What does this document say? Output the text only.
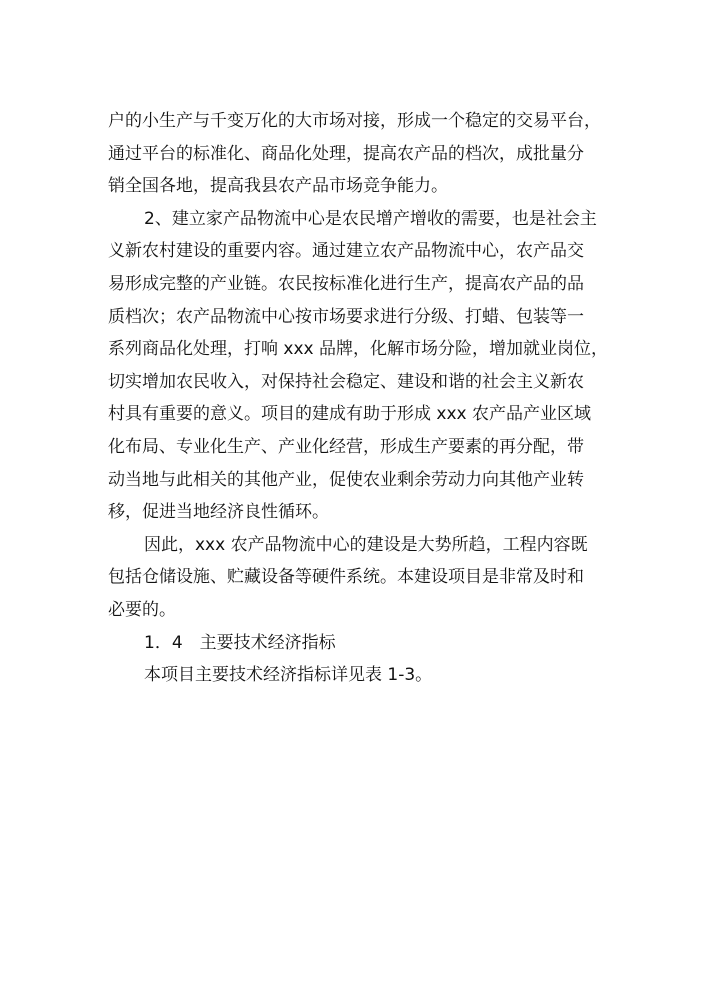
户的小生产与千变万化的大市场对接，形成一个稳定的交易平台，
通过平台的标准化、商品化处理，提高农产品的档次，成批量分
销全国各地，提高我县农产品市场竞争能力。
2、建立家产品物流中心是农民增产增收的需要，也是社会主
义新农村建设的重要内容。通过建立农产品物流中心，农产品交
易形成完整的产业链。农民按标准化进行生产，提高农产品的品
质档次；农产品物流中心按市场要求进行分级、打蜡、包装等一
系列商品化处理，打响 xxx 品牌，化解市场分险，增加就业岗位，
切实增加农民收入，对保持社会稳定、建设和谐的社会主义新农
村具有重要的意义。项目的建成有助于形成 xxx 农产品产业区域
化布局、专业化生产、产业化经营，形成生产要素的再分配，带
动当地与此相关的其他产业，促使农业剩余劳动力向其他产业转
移，促进当地经济良性循环。
因此，xxx 农产品物流中心的建设是大势所趋，工程内容既
包括仓储设施、贮藏设备等硬件系统。本建设项目是非常及时和
必要的。
1．4　主要技术经济指标
本项目主要技术经济指标详见表 1-3。
